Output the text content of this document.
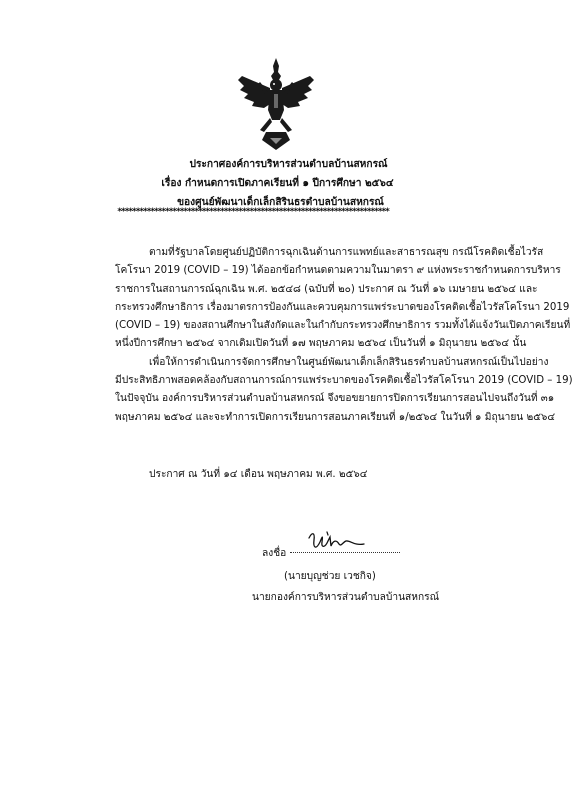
ประกาศองค์การบริหารส่วนตำบลบ้านสหกรณ์
เรื่อง กำหนดการเปิดภาคเรียนที่ ๑ ปีการศึกษา ๒๕๖๔
ของศูนย์พัฒนาเด็กเล็กสิรินธรตำบลบ้านสหกรณ์
**************************************************************************
ตามที่รัฐบาลโดยศูนย์ปฏิบัติการฉุกเฉินด้านการแพทย์และสาธารณสุข กรณีโรคติดเชื้อไวรัส
โคโรนา 2019 (COVID – 19) ได้ออกข้อกำหนดตามความในมาตรา ๙ แห่งพระราชกำหนดการบริหาร
ราชการในสถานการณ์ฉุกเฉิน พ.ศ. ๒๕๔๘ (ฉบับที่ ๒๐) ประกาศ ณ วันที่ ๑๖ เมษายน ๒๕๖๔ และ
กระทรวงศึกษาธิการ เรื่องมาตรการป้องกันและควบคุมการแพร่ระบาดของโรคติดเชื้อไวรัสโคโรนา 2019
(COVID – 19) ของสถานศึกษาในสังกัดและในกำกับกระทรวงศึกษาธิการ รวมทั้งได้แจ้งวันเปิดภาคเรียนที่
หนึ่งปีการศึกษา ๒๕๖๔ จากเดิมเปิดวันที่ ๑๗ พฤษภาคม ๒๕๖๔ เป็นวันที่ ๑ มิถุนายน ๒๕๖๔ นั้น
เพื่อให้การดำเนินการจัดการศึกษาในศูนย์พัฒนาเด็กเล็กสิรินธรตำบลบ้านสหกรณ์เป็นไปอย่าง
มีประสิทธิภาพสอดคล้องกับสถานการณ์การแพร่ระบาดของโรคติดเชื้อไวรัสโคโรนา 2019 (COVID – 19)
ในปัจจุบัน องค์การบริหารส่วนตำบลบ้านสหกรณ์ จึงขอขยายการปิดการเรียนการสอนไปจนถึงวันที่ ๓๑
พฤษภาคม ๒๕๖๔ และจะทำการเปิดการเรียนการสอนภาคเรียนที่ ๑/๒๕๖๔ ในวันที่ ๑ มิถุนายน ๒๕๖๔
ประกาศ ณ วันที่ ๑๔ เดือน พฤษภาคม พ.ศ. ๒๕๖๔
ลงชื่อ
(นายบุญช่วย เวชกิจ)
นายกองค์การบริหารส่วนตำบลบ้านสหกรณ์
